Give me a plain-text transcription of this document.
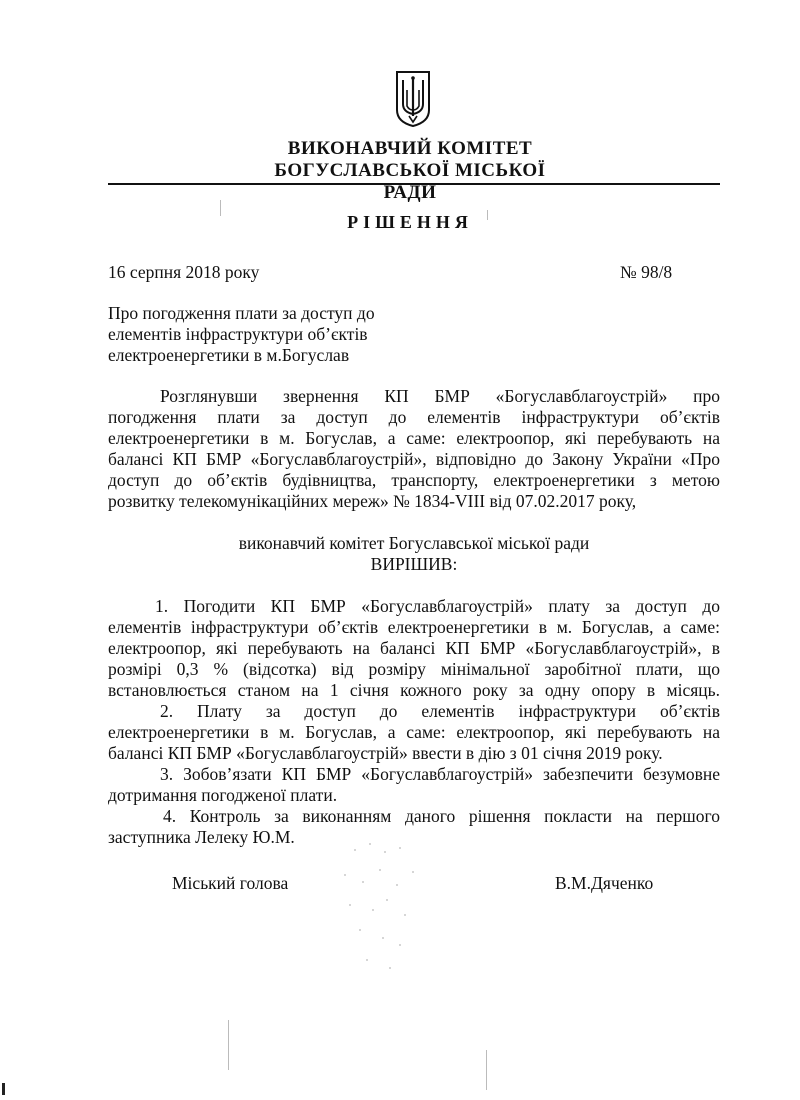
ВИКОНАВЧИЙ КОМІТЕТ
БОГУСЛАВСЬКОЇ МІСЬКОЇ РАДИ
РІШЕННЯ
16 серпня 2018 року	№ 98/8
Про погодження плати за доступ до
елементів інфраструктури об’єктів
електроенергетики в м.Богуслав
Розглянувши звернення КП БМР «Богуславблагоустрій» про
погодження плати за доступ до елементів інфраструктури об’єктів
електроенергетики в м. Богуслав, а саме: електроопор, які перебувають на
балансі КП БМР «Богуславблагоустрій», відповідно до Закону України «Про
доступ до об’єктів будівництва, транспорту, електроенергетики з метою
розвитку телекомунікаційних мереж» № 1834-VIII від 07.02.2017 року,
виконавчий комітет Богуславської міської ради
ВИРІШИВ:
1. Погодити КП БМР «Богуславблагоустрій» плату за доступ до
елементів інфраструктури об’єктів електроенергетики в м. Богуслав, а саме:
електроопор, які перебувають на балансі КП БМР «Богуславблагоустрій», в
розмірі 0,3 % (відсотка) від розміру мінімальної заробітної плати, що
встановлюється станом на 1 січня кожного року за одну опору в місяць.
2. Плату за доступ до елементів інфраструктури об’єктів
електроенергетики в м. Богуслав, а саме: електроопор, які перебувають на
балансі КП БМР «Богуславблагоустрій» ввести в дію з 01 січня 2019 року.
3. Зобов’язати КП БМР «Богуславблагоустрій» забезпечити безумовне
дотримання погодженої плати.
4. Контроль за виконанням даного рішення покласти на першого
заступника Лелеку Ю.М.
Міський голова	В.М.Дяченко
